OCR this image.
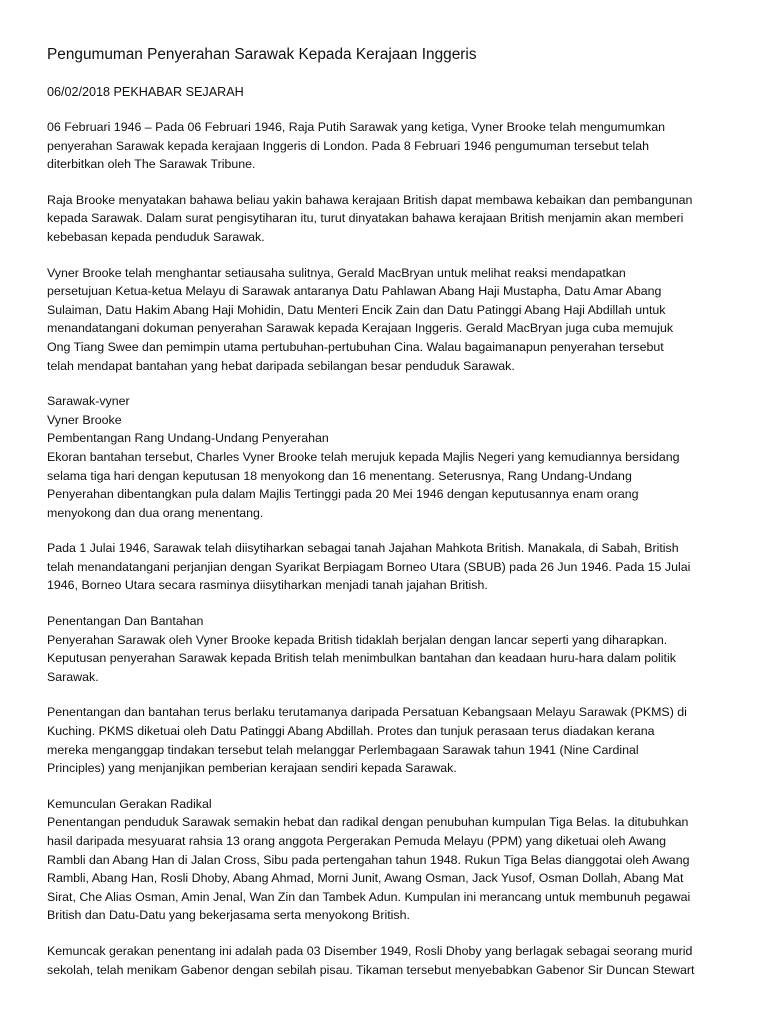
Pengumuman Penyerahan Sarawak Kepada Kerajaan Inggeris
06/02/2018 PEKHABAR SEJARAH
06 Februari 1946 – Pada 06 Februari 1946, Raja Putih Sarawak yang ketiga, Vyner Brooke telah mengumumkan
penyerahan Sarawak kepada kerajaan Inggeris di London. Pada 8 Februari 1946 pengumuman tersebut telah
diterbitkan oleh The Sarawak Tribune.
Raja Brooke menyatakan bahawa beliau yakin bahawa kerajaan British dapat membawa kebaikan dan pembangunan
kepada Sarawak. Dalam surat pengisytiharan itu, turut dinyatakan bahawa kerajaan British menjamin akan memberi
kebebasan kepada penduduk Sarawak.
Vyner Brooke telah menghantar setiausaha sulitnya, Gerald MacBryan untuk melihat reaksi mendapatkan
persetujuan Ketua-ketua Melayu di Sarawak antaranya Datu Pahlawan Abang Haji Mustapha, Datu Amar Abang
Sulaiman, Datu Hakim Abang Haji Mohidin, Datu Menteri Encik Zain dan Datu Patinggi Abang Haji Abdillah untuk
menandatangani dokuman penyerahan Sarawak kepada Kerajaan Inggeris. Gerald MacBryan juga cuba memujuk
Ong Tiang Swee dan pemimpin utama pertubuhan-pertubuhan Cina. Walau bagaimanapun penyerahan tersebut
telah mendapat bantahan yang hebat daripada sebilangan besar penduduk Sarawak.
Sarawak-vyner
Vyner Brooke
Pembentangan Rang Undang-Undang Penyerahan
Ekoran bantahan tersebut, Charles Vyner Brooke telah merujuk kepada Majlis Negeri yang kemudiannya bersidang
selama tiga hari dengan keputusan 18 menyokong dan 16 menentang. Seterusnya, Rang Undang-Undang
Penyerahan dibentangkan pula dalam Majlis Tertinggi pada 20 Mei 1946 dengan keputusannya enam orang
menyokong dan dua orang menentang.
Pada 1 Julai 1946, Sarawak telah diisytiharkan sebagai tanah Jajahan Mahkota British. Manakala, di Sabah, British
telah menandatangani perjanjian dengan Syarikat Berpiagam Borneo Utara (SBUB) pada 26 Jun 1946. Pada 15 Julai
1946, Borneo Utara secara rasminya diisytiharkan menjadi tanah jajahan British.
Penentangan Dan Bantahan
Penyerahan Sarawak oleh Vyner Brooke kepada British tidaklah berjalan dengan lancar seperti yang diharapkan.
Keputusan penyerahan Sarawak kepada British telah menimbulkan bantahan dan keadaan huru-hara dalam politik
Sarawak.
Penentangan dan bantahan terus berlaku terutamanya daripada Persatuan Kebangsaan Melayu Sarawak (PKMS) di
Kuching. PKMS diketuai oleh Datu Patinggi Abang Abdillah. Protes dan tunjuk perasaan terus diadakan kerana
mereka menganggap tindakan tersebut telah melanggar Perlembagaan Sarawak tahun 1941 (Nine Cardinal
Principles) yang menjanjikan pemberian kerajaan sendiri kepada Sarawak.
Kemunculan Gerakan Radikal
Penentangan penduduk Sarawak semakin hebat dan radikal dengan penubuhan kumpulan Tiga Belas. Ia ditubuhkan
hasil daripada mesyuarat rahsia 13 orang anggota Pergerakan Pemuda Melayu (PPM) yang diketuai oleh Awang
Rambli dan Abang Han di Jalan Cross, Sibu pada pertengahan tahun 1948. Rukun Tiga Belas dianggotai oleh Awang
Rambli, Abang Han, Rosli Dhoby, Abang Ahmad, Morni Junit, Awang Osman, Jack Yusof, Osman Dollah, Abang Mat
Sirat, Che Alias Osman, Amin Jenal, Wan Zin dan Tambek Adun. Kumpulan ini merancang untuk membunuh pegawai
British dan Datu-Datu yang bekerjasama serta menyokong British.
Kemuncak gerakan penentang ini adalah pada 03 Disember 1949, Rosli Dhoby yang berlagak sebagai seorang murid
sekolah, telah menikam Gabenor dengan sebilah pisau. Tikaman tersebut menyebabkan Gabenor Sir Duncan Stewart
